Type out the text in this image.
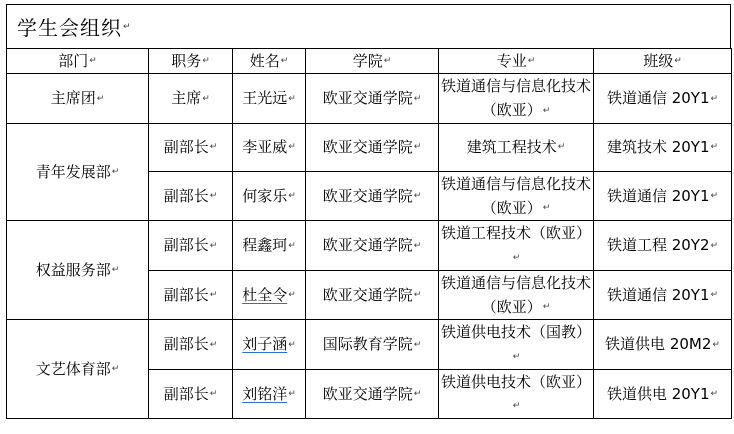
学生会组织 ↵
部门↵	职务↵	姓名↵	学院↵	专业↵	班级↵
主席团↵	主席↵	王光远↵	欧亚交通学院↵	铁道通信与信息化技术（欧亚）↵	铁道通信 20Y1↵
青年发展部↵	副部长↵	李亚威↵	欧亚交通学院↵	建筑工程技术↵	建筑技术 20Y1↵
	副部长↵	何家乐↵	欧亚交通学院↵	铁道通信与信息化技术（欧亚）↵	铁道通信 20Y1↵
权益服务部↵	副部长↵	程鑫珂↵	欧亚交通学院↵	铁道工程技术（欧亚）↵	铁道工程 20Y2↵
	副部长↵	杜全令↵	欧亚交通学院↵	铁道通信与信息化技术（欧亚）↵	铁道通信 20Y1↵
文艺体育部↵	副部长↵	刘子涵↵	国际教育学院↵	铁道供电技术（国教）↵	铁道供电 20M2↵
	副部长↵	刘铭洋↵	欧亚交通学院↵	铁道供电技术（欧亚）↵	铁道供电 20Y1↵
